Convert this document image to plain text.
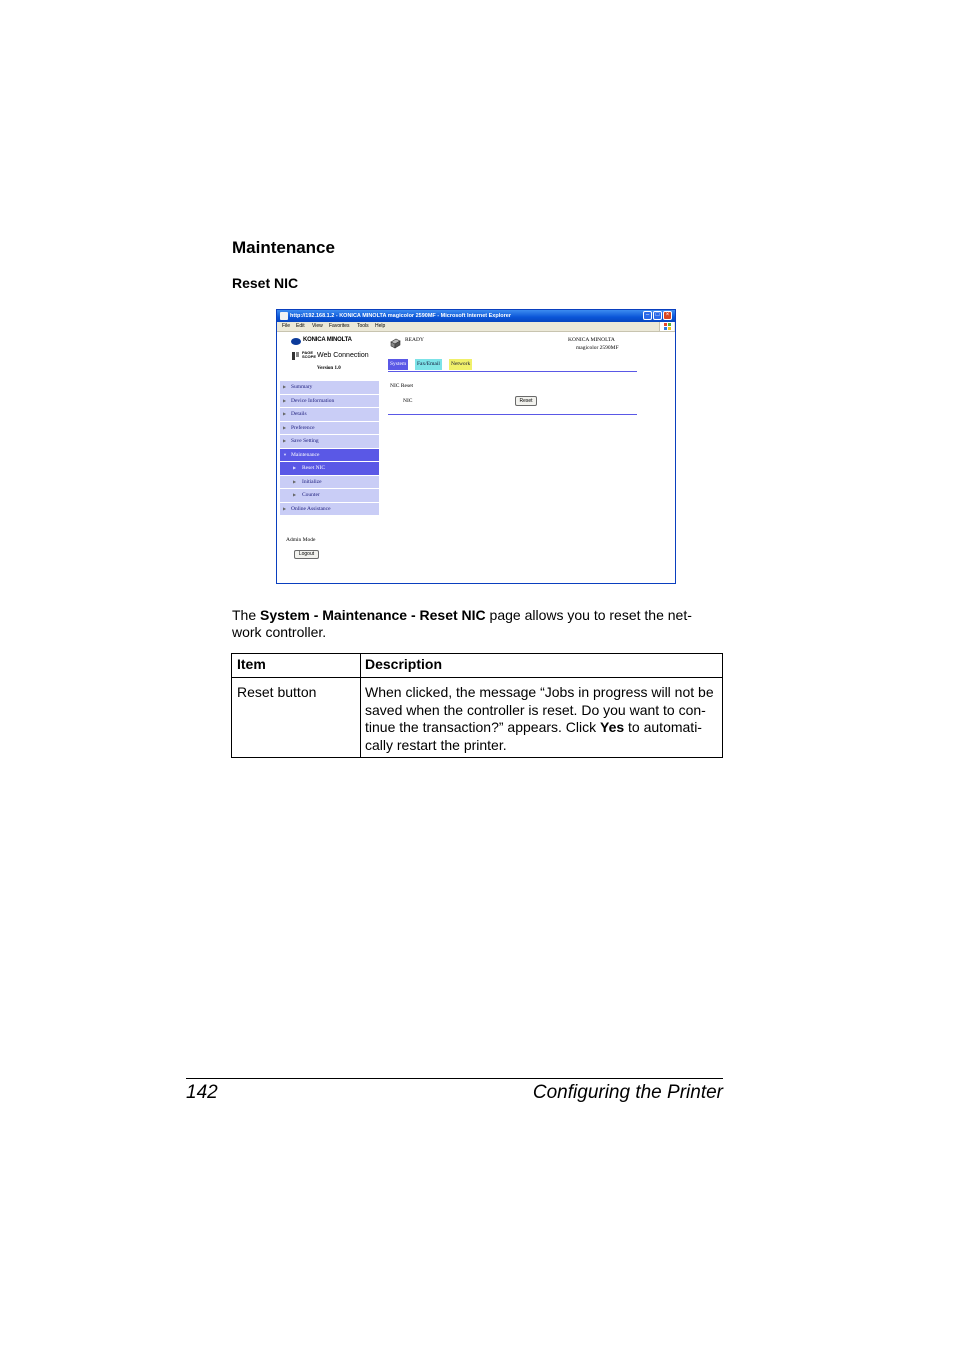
Maintenance
Reset NIC
http://192.168.1.2 - KONICA MINOLTA magicolor 2590MF - Microsoft Internet Explorer	–	□	×
File Edit View Favorites Tools Help
KONICA MINOLTA
PAGE SCOPE Web Connection
Version 1.0
▶ Summary
▶ Device Information
▶ Details
▶ Preference
▶ Save Setting
▼ Maintenance
▶ Reset NIC
▶ Initialize
▶ Counter
▶ Online Assistance
Admin Mode
Logout
READY	KONICA MINOLTA
magicolor 2590MF
System	Fax/Email	Network
NIC Reset
NIC	Reset
The System - Maintenance - Reset NIC page allows you to reset the net-
work controller.
Item	Description
Reset button	When clicked, the message “Jobs in progress will not be
saved when the controller is reset. Do you want to con-
tinue the transaction?” appears. Click Yes to automati-
cally restart the printer.
142	Configuring the Printer
